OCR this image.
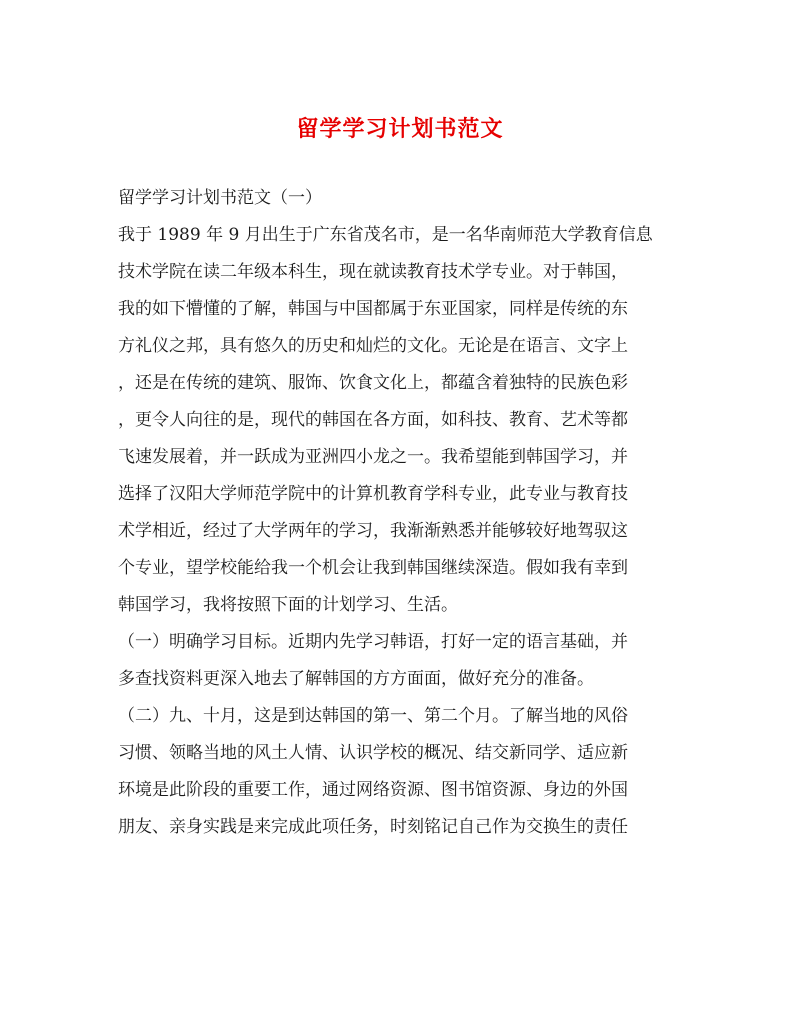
留学学习计划书范文
留学学习计划书范文（一）
我于 1989 年 9 月出生于广东省茂名市，是一名华南师范大学教育信息
技术学院在读二年级本科生，现在就读教育技术学专业。对于韩国，
我的如下懵懂的了解，韩国与中国都属于东亚国家，同样是传统的东
方礼仪之邦，具有悠久的历史和灿烂的文化。无论是在语言、文字上
，还是在传统的建筑、服饰、饮食文化上，都蕴含着独特的民族色彩
，更令人向往的是，现代的韩国在各方面，如科技、教育、艺术等都
飞速发展着，并一跃成为亚洲四小龙之一。我希望能到韩国学习，并
选择了汉阳大学师范学院中的计算机教育学科专业，此专业与教育技
术学相近，经过了大学两年的学习，我渐渐熟悉并能够较好地驾驭这
个专业，望学校能给我一个机会让我到韩国继续深造。假如我有幸到
韩国学习，我将按照下面的计划学习、生活。
（一）明确学习目标。近期内先学习韩语，打好一定的语言基础，并
多查找资料更深入地去了解韩国的方方面面，做好充分的准备。
（二）九、十月，这是到达韩国的第一、第二个月。了解当地的风俗
习惯、领略当地的风土人情、认识学校的概况、结交新同学、适应新
环境是此阶段的重要工作，通过网络资源、图书馆资源、身边的外国
朋友、亲身实践是来完成此项任务，时刻铭记自己作为交换生的责任
